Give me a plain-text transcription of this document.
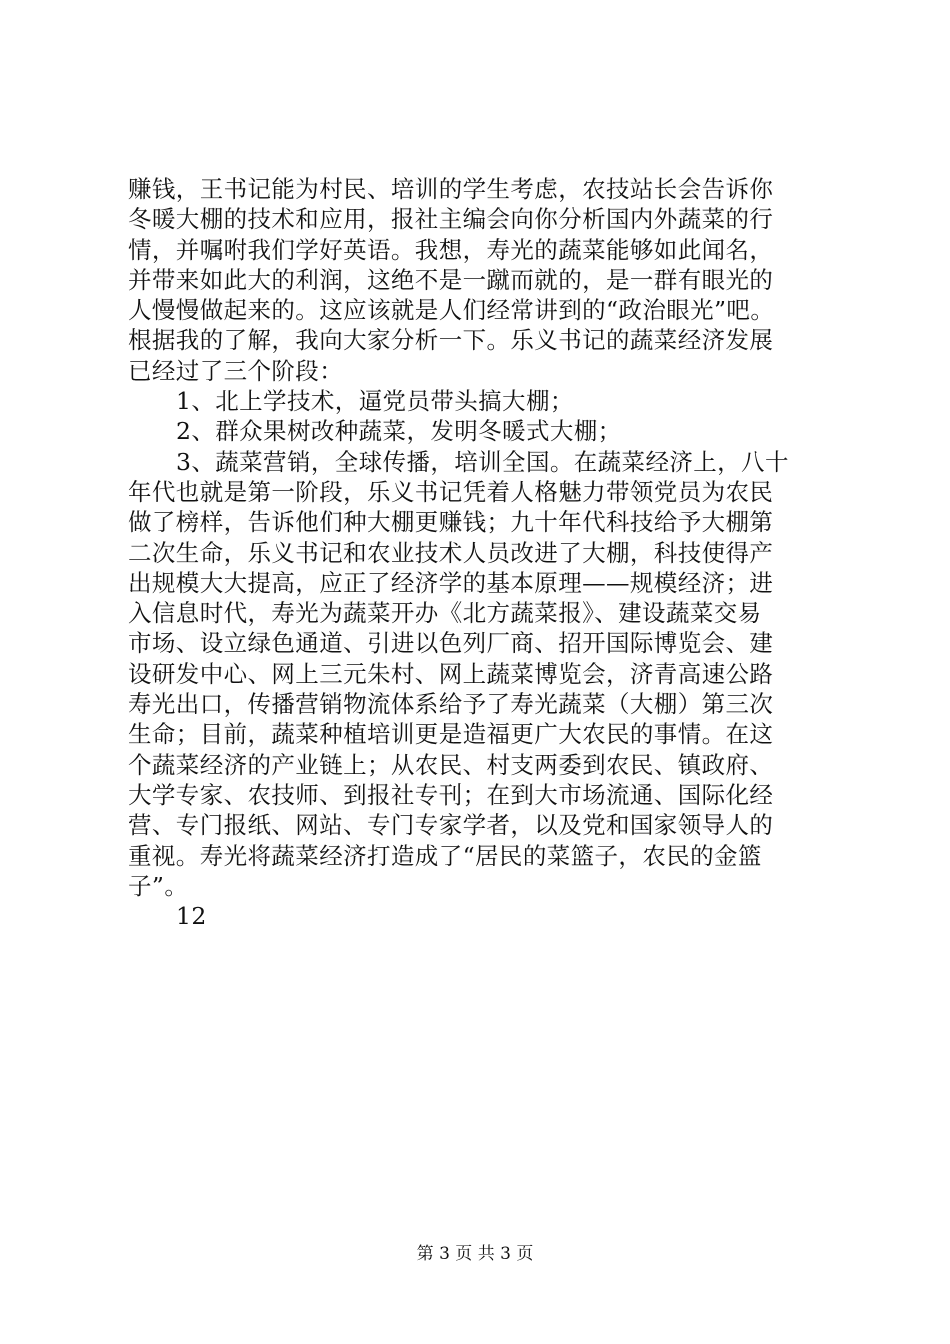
赚钱，王书记能为村民、培训的学生考虑，农技站长会告诉你
冬暖大棚的技术和应用，报社主编会向你分析国内外蔬菜的行
情，并嘱咐我们学好英语。我想，寿光的蔬菜能够如此闻名，
并带来如此大的利润，这绝不是一蹴而就的，是一群有眼光的
人慢慢做起来的。这应该就是人们经常讲到的“政治眼光”吧。
根据我的了解，我向大家分析一下。乐义书记的蔬菜经济发展
已经过了三个阶段：
1、北上学技术，逼党员带头搞大棚；
2、群众果树改种蔬菜，发明冬暖式大棚；
3、蔬菜营销，全球传播，培训全国。在蔬菜经济上，八十
年代也就是第一阶段，乐义书记凭着人格魅力带领党员为农民
做了榜样，告诉他们种大棚更赚钱；九十年代科技给予大棚第
二次生命，乐义书记和农业技术人员改进了大棚，科技使得产
出规模大大提高，应正了经济学的基本原理——规模经济；进
入信息时代，寿光为蔬菜开办《北方蔬菜报》、建设蔬菜交易
市场、设立绿色通道、引进以色列厂商、招开国际博览会、建
设研发中心、网上三元朱村、网上蔬菜博览会，济青高速公路
寿光出口，传播营销物流体系给予了寿光蔬菜（大棚）第三次
生命；目前，蔬菜种植培训更是造福更广大农民的事情。在这
个蔬菜经济的产业链上；从农民、村支两委到农民、镇政府、
大学专家、农技师、到报社专刊；在到大市场流通、国际化经
营、专门报纸、网站、专门专家学者，以及党和国家领导人的
重视。寿光将蔬菜经济打造成了“居民的菜篮子，农民的金篮
子”。
12
第 3 页 共 3 页
